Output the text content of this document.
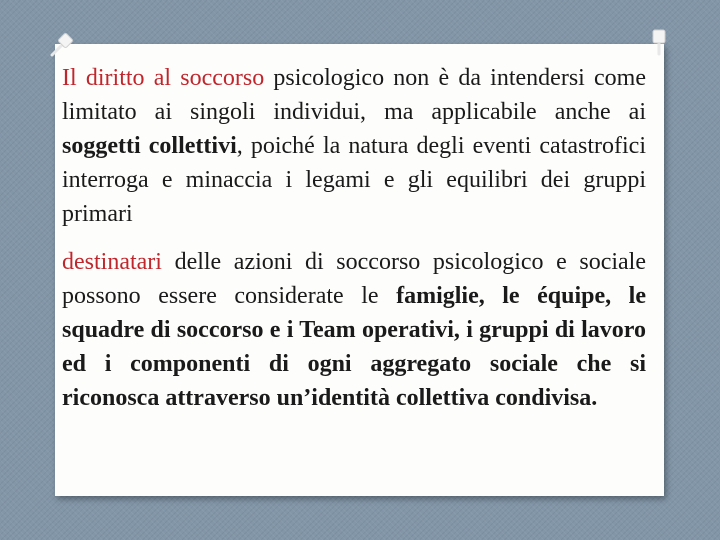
Il diritto al soccorso psicologico non è da intendersi come limitato ai singoli individui, ma applicabile anche ai soggetti collettivi, poiché la natura degli eventi catastrofici interroga e minaccia i legami e gli equilibri dei gruppi primari
destinatari delle azioni di soccorso psicologico e sociale possono essere considerate le famiglie, le équipe, le squadre di soccorso e i Team operativi, i gruppi di lavoro ed i componenti di ogni aggregato sociale che si riconosca attraverso un’identità collettiva condivisa.
